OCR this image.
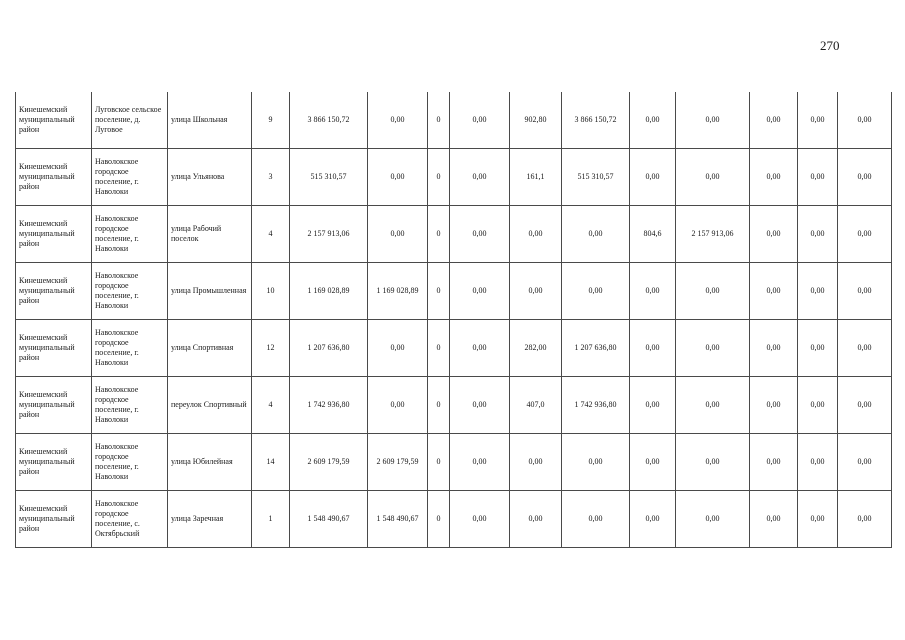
270
Кинешемский муниципальный район	Луговское сельское поселение, д. Луговое	улица Школьная	9	3 866 150,72	0,00	0	0,00	902,80	3 866 150,72	0,00	0,00	0,00	0,00	0,00
Кинешемский муниципальный район	Наволокское городское поселение, г. Наволоки	улица Ульянова	3	515 310,57	0,00	0	0,00	161,1	515 310,57	0,00	0,00	0,00	0,00	0,00
Кинешемский муниципальный район	Наволокское городское поселение, г. Наволоки	улица Рабочий поселок	4	2 157 913,06	0,00	0	0,00	0,00	0,00	804,6	2 157 913,06	0,00	0,00	0,00
Кинешемский муниципальный район	Наволокское городское поселение, г. Наволоки	улица Промышленная	10	1 169 028,89	1 169 028,89	0	0,00	0,00	0,00	0,00	0,00	0,00	0,00	0,00
Кинешемский муниципальный район	Наволокское городское поселение, г. Наволоки	улица Спортивная	12	1 207 636,80	0,00	0	0,00	282,00	1 207 636,80	0,00	0,00	0,00	0,00	0,00
Кинешемский муниципальный район	Наволокское городское поселение, г. Наволоки	переулок Спортивный	4	1 742 936,80	0,00	0	0,00	407,0	1 742 936,80	0,00	0,00	0,00	0,00	0,00
Кинешемский муниципальный район	Наволокское городское поселение, г. Наволоки	улица Юбилейная	14	2 609 179,59	2 609 179,59	0	0,00	0,00	0,00	0,00	0,00	0,00	0,00	0,00
Кинешемский муниципальный район	Наволокское городское поселение, с. Октябрьский	улица Заречная	1	1 548 490,67	1 548 490,67	0	0,00	0,00	0,00	0,00	0,00	0,00	0,00	0,00
